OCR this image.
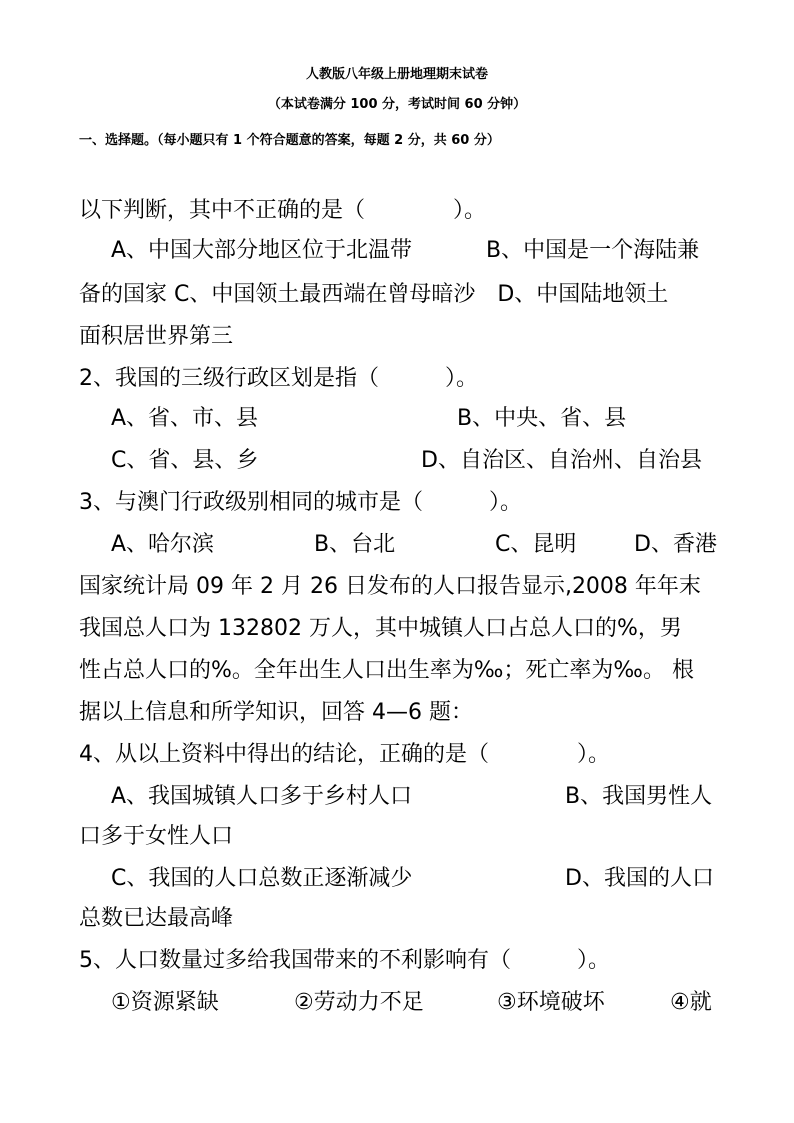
人教版八年级上册地理期末试卷
（本试卷满分 100 分，考试时间 60 分钟）
一、选择题。（每小题只有 1 个符合题意的答案，每题 2 分，共 60 分）
以下判断，其中不正确的是（　　　　）。
A、中国大部分地区位于北温带	B、中国是一个海陆兼
备的国家 C、中国领土最西端在曾母暗沙　D、中国陆地领土
面积居世界第三
2、我国的三级行政区划是指（　　　）。
A、省、市、县	B、中央、省、县
C、省、县、乡	D、自治区、自治州、自治县
3、与澳门行政级别相同的城市是（　　　）。
A、哈尔滨	B、台北	C、昆明	D、香港
国家统计局 09 年 2 月 26 日发布的人口报告显示,2008 年年末
我国总人口为 132802 万人，其中城镇人口占总人口的%，男
性占总人口的%。全年出生人口出生率为‰；死亡率为‰。 根
据以上信息和所学知识，回答 4—6 题：
4、从以上资料中得出的结论，正确的是（　　　　）。
A、我国城镇人口多于乡村人口	B、我国男性人
口多于女性人口
C、我国的人口总数正逐渐减少	D、我国的人口
总数已达最高峰
5、人口数量过多给我国带来的不利影响有（　　　）。
①资源紧缺	②劳动力不足	③环境破坏	④就
